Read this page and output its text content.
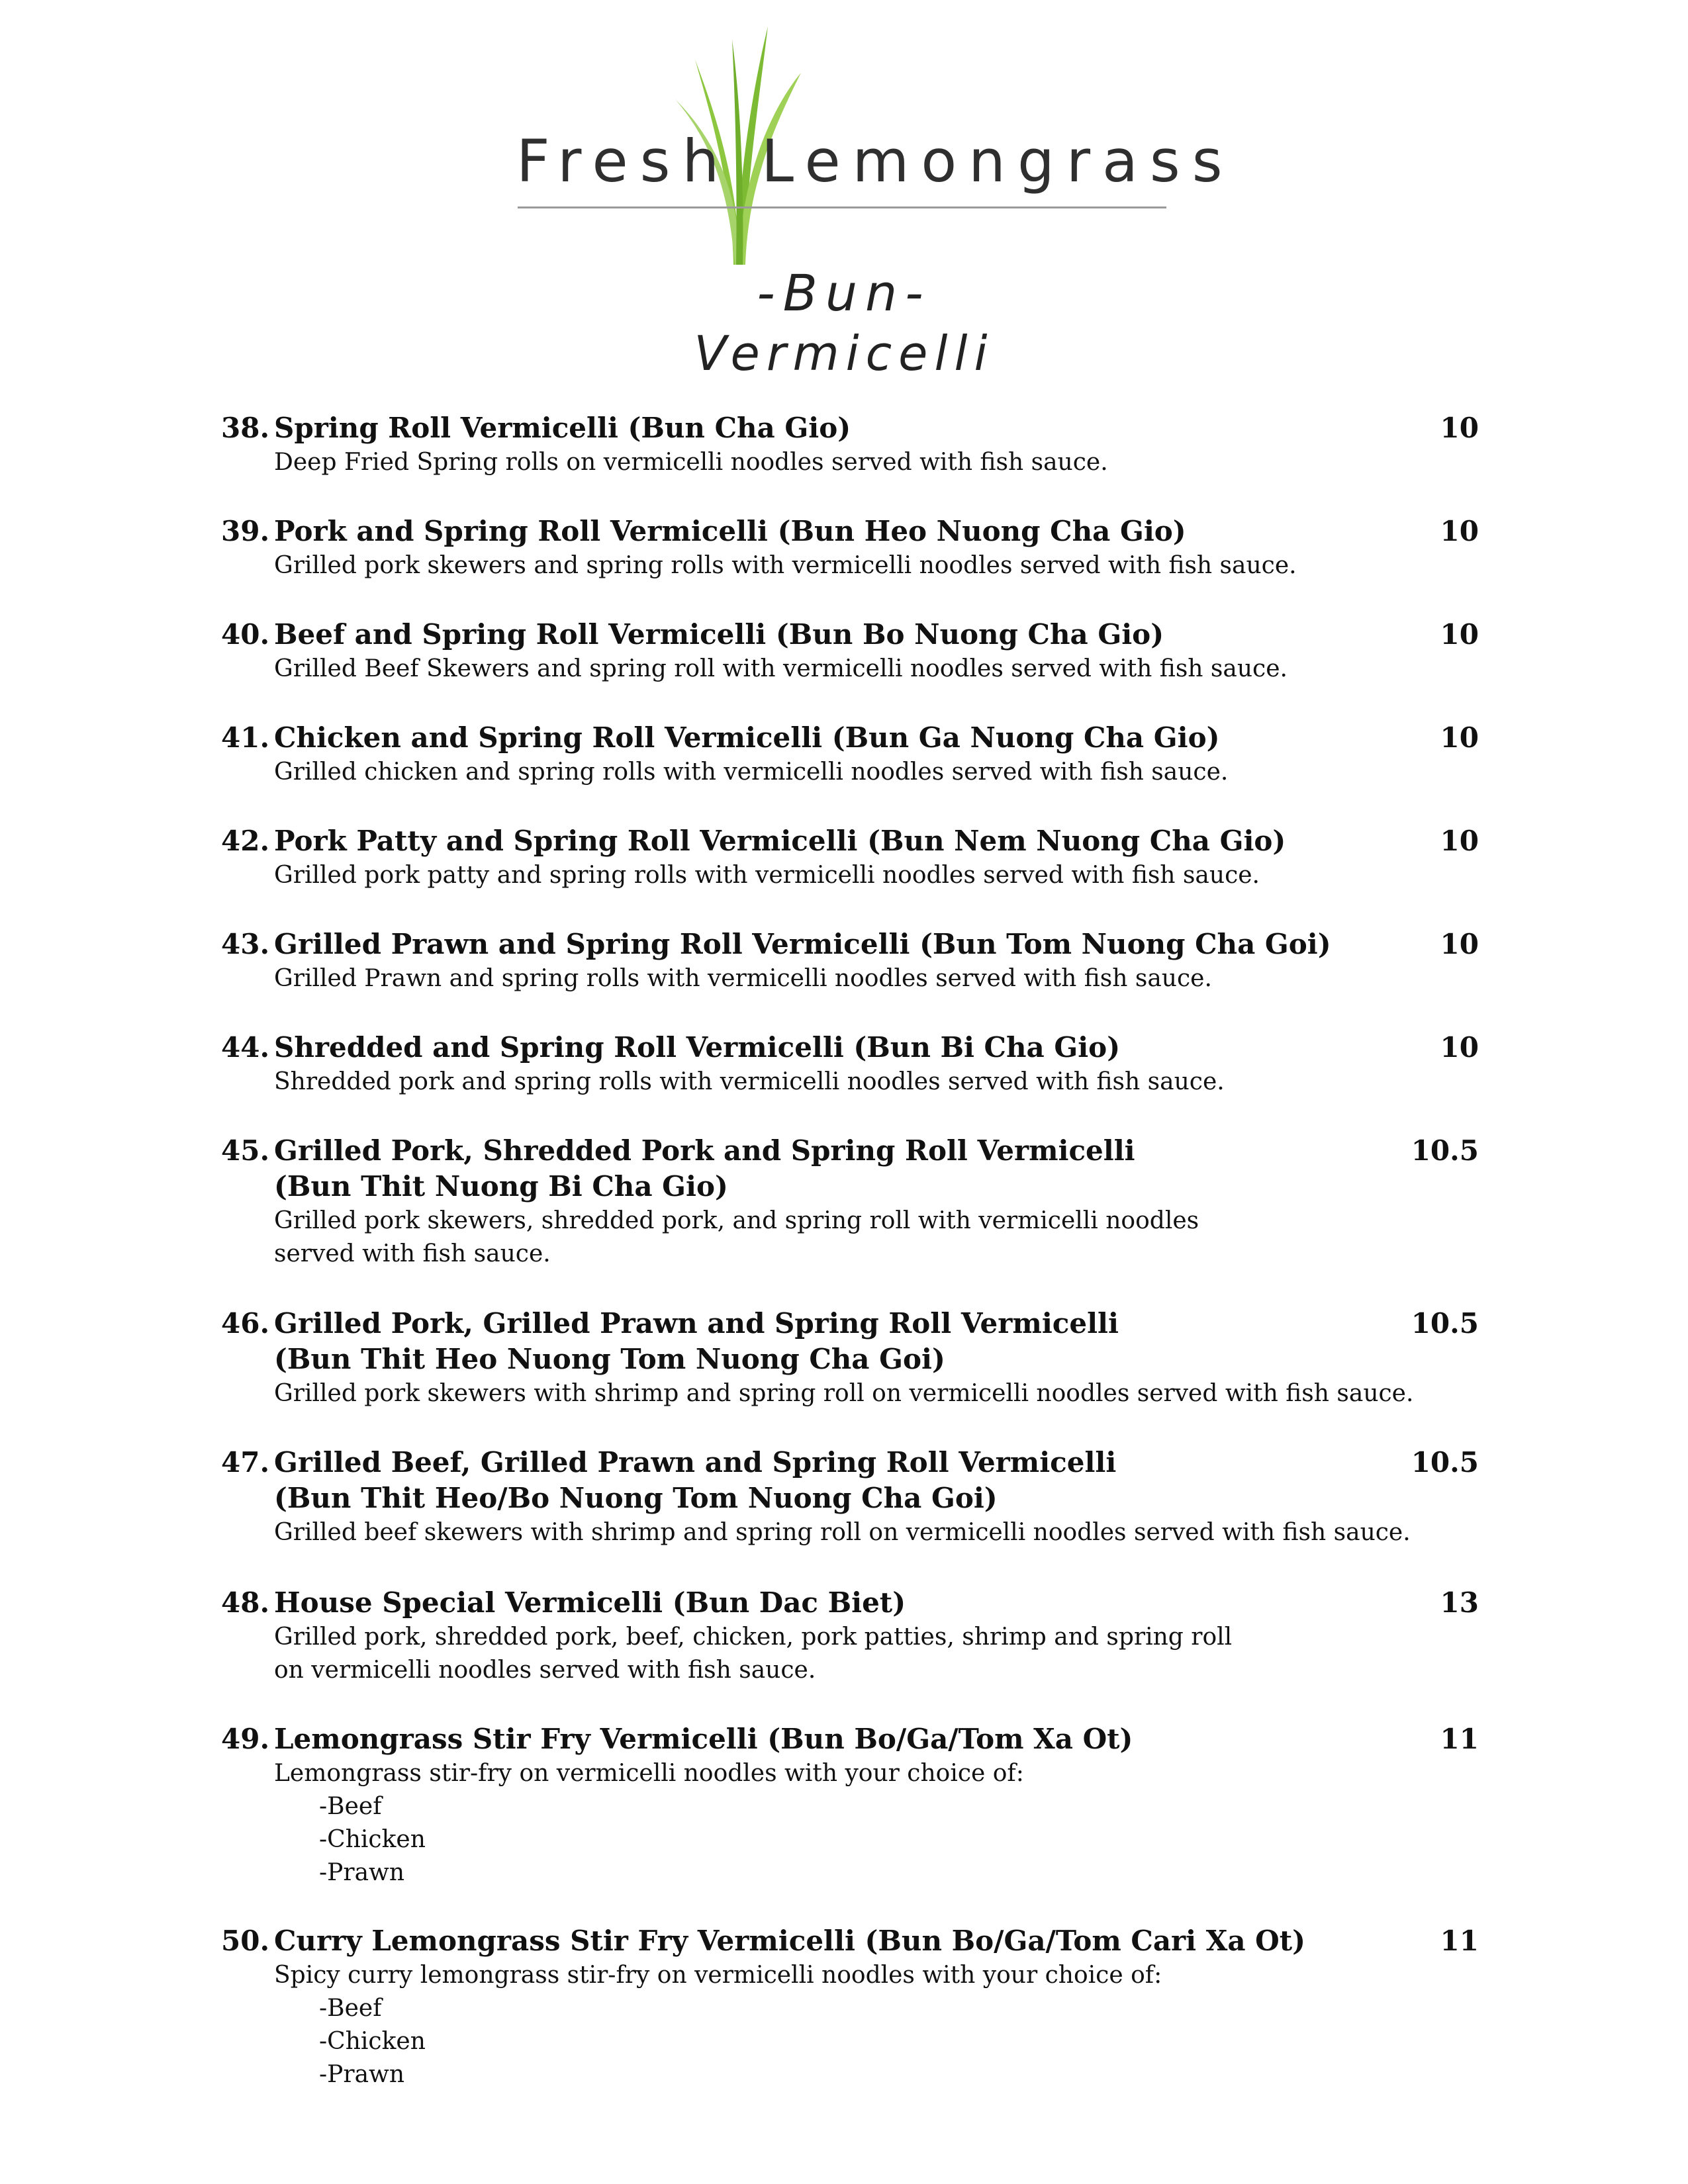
Fresh Lemongrass
-Bun-
Vermicelli
38. Spring Roll Vermicelli (Bun Cha Gio)	10
Deep Fried Spring rolls on vermicelli noodles served with fish sauce.
39. Pork and Spring Roll Vermicelli (Bun Heo Nuong Cha Gio)	10
Grilled pork skewers and spring rolls with vermicelli noodles served with fish sauce.
40. Beef and Spring Roll Vermicelli (Bun Bo Nuong Cha Gio)	10
Grilled Beef Skewers and spring roll with vermicelli noodles served with fish sauce.
41. Chicken and Spring Roll Vermicelli (Bun Ga Nuong Cha Gio)	10
Grilled chicken and spring rolls with vermicelli noodles served with fish sauce.
42. Pork Patty and Spring Roll Vermicelli (Bun Nem Nuong Cha Gio)	10
Grilled pork patty and spring rolls with vermicelli noodles served with fish sauce.
43. Grilled Prawn and Spring Roll Vermicelli (Bun Tom Nuong Cha Goi)	10
Grilled Prawn and spring rolls with vermicelli noodles served with fish sauce.
44. Shredded and Spring Roll Vermicelli (Bun Bi Cha Gio)	10
Shredded pork and spring rolls with vermicelli noodles served with fish sauce.
45. Grilled Pork, Shredded Pork and Spring Roll Vermicelli	10.5
(Bun Thit Nuong Bi Cha Gio)
Grilled pork skewers, shredded pork, and spring roll with vermicelli noodles
served with fish sauce.
46. Grilled Pork, Grilled Prawn and Spring Roll Vermicelli	10.5
(Bun Thit Heo Nuong Tom Nuong Cha Goi)
Grilled pork skewers with shrimp and spring roll on vermicelli noodles served with fish sauce.
47. Grilled Beef, Grilled Prawn and Spring Roll Vermicelli	10.5
(Bun Thit Heo/Bo Nuong Tom Nuong Cha Goi)
Grilled beef skewers with shrimp and spring roll on vermicelli noodles served with fish sauce.
48. House Special Vermicelli (Bun Dac Biet)	13
Grilled pork, shredded pork, beef, chicken, pork patties, shrimp and spring roll
on vermicelli noodles served with fish sauce.
49. Lemongrass Stir Fry Vermicelli (Bun Bo/Ga/Tom Xa Ot)	11
Lemongrass stir-fry on vermicelli noodles with your choice of:
-Beef
-Chicken
-Prawn
50. Curry Lemongrass Stir Fry Vermicelli (Bun Bo/Ga/Tom Cari Xa Ot)	11
Spicy curry lemongrass stir-fry on vermicelli noodles with your choice of:
-Beef
-Chicken
-Prawn
